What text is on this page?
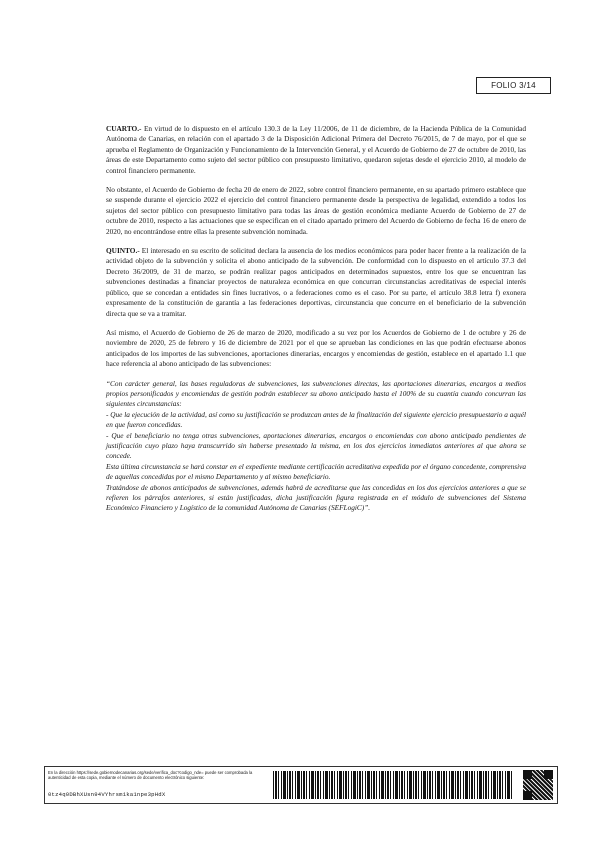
FOLIO 3/14

CUARTO.- En virtud de lo dispuesto en el artículo 130.3 de la Ley 11/2006, de 11 de diciembre, de la Hacienda Pública de la Comunidad Autónoma de Canarias, en relación con el apartado 3 de la Disposición Adicional Primera del Decreto 76/2015, de 7 de mayo, por el que se aprueba el Reglamento de Organización y Funcionamiento de la Intervención General, y el Acuerdo de Gobierno de 27 de octubre de 2010, las áreas de este Departamento como sujeto del sector público con presupuesto limitativo, quedaron sujetas desde el ejercicio 2010, al modelo de control financiero permanente.

No obstante, el Acuerdo de Gobierno de fecha 20 de enero de 2022, sobre control financiero permanente, en su apartado primero establece que se suspende durante el ejercicio 2022 el ejercicio del control financiero permanente desde la perspectiva de legalidad, extendido a todos los sujetos del sector público con presupuesto limitativo para todas las áreas de gestión económica mediante Acuerdo de Gobierno de 27 de octubre de 2010, respecto a las actuaciones que se especifican en el citado apartado primero del Acuerdo de Gobierno de fecha 16 de enero de 2020, no encontrándose entre ellas la presente subvención nominada.

QUINTO.- El interesado en su escrito de solicitud declara la ausencia de los medios económicos para poder hacer frente a la realización de la actividad objeto de la subvención y solicita el abono anticipado de la subvención. De conformidad con lo dispuesto en el artículo 37.3 del Decreto 36/2009, de 31 de marzo, se podrán realizar pagos anticipados en determinados supuestos, entre los que se encuentran las subvenciones destinadas a financiar proyectos de naturaleza económica en que concurran circunstancias acreditativas de especial interés público, que se concedan a entidades sin fines lucrativos, o a federaciones como es el caso. Por su parte, el artículo 38.8 letra f) exonera expresamente de la constitución de garantía a las federaciones deportivas, circunstancia que concurre en el beneficiario de la subvención directa que se va a tramitar.

Así mismo, el Acuerdo de Gobierno de 26 de marzo de 2020, modificado a su vez por los Acuerdos de Gobierno de 1 de octubre y 26 de noviembre de 2020, 25 de febrero y 16 de diciembre de 2021 por el que se aprueban las condiciones en las que podrán efectuarse abonos anticipados de los importes de las subvenciones, aportaciones dinerarias, encargos y encomiendas de gestión, establece en el apartado 1.1 que hace referencia al abono anticipado de las subvenciones:

“Con carácter general, las bases reguladoras de subvenciones, las subvenciones directas, las aportaciones dinerarias, encargos a medios propios personificados y encomiendas de gestión podrán establecer su abono anticipado hasta el 100% de su cuantía cuando concurran las siguientes circunstancias:
- Que la ejecución de la actividad, así como su justificación se produzcan antes de la finalización del siguiente ejercicio presupuestario a aquél en que fueron concedidas.
- Que el beneficiario no tenga otras subvenciones, aportaciones dinerarias, encargos o encomiendas con abono anticipado pendientes de justificación cuyo plazo haya transcurrido sin haberse presentado la misma, en los dos ejercicios inmediatos anteriores al que ahora se concede.
Esta última circunstancia se hará constar en el expediente mediante certificación acreditativa expedida por el órgano concedente, comprensiva de aquellas concedidas por el mismo Departamento y al mismo beneficiario.
Tratándose de abonos anticipados de subvenciones, además habrá de acreditarse que las concedidas en los dos ejercicios anteriores a que se refieren los párrafos anteriores, si están justificadas, dicha justificación figura registrada en el módulo de subvenciones del Sistema Económico Financiero y Logístico de la comunidad Autónoma de Canarias (SEFLogiC)”.
En la dirección https://sede.gobiernodecanarias.org/sede/verifica_doc?codigo_nde= puede ser comprobada la autenticidad de esta copia, mediante el número de documento electrónico siguiente:
0tz4q0DBhXUsn94VYhrsm1ka1npe3pHdX
